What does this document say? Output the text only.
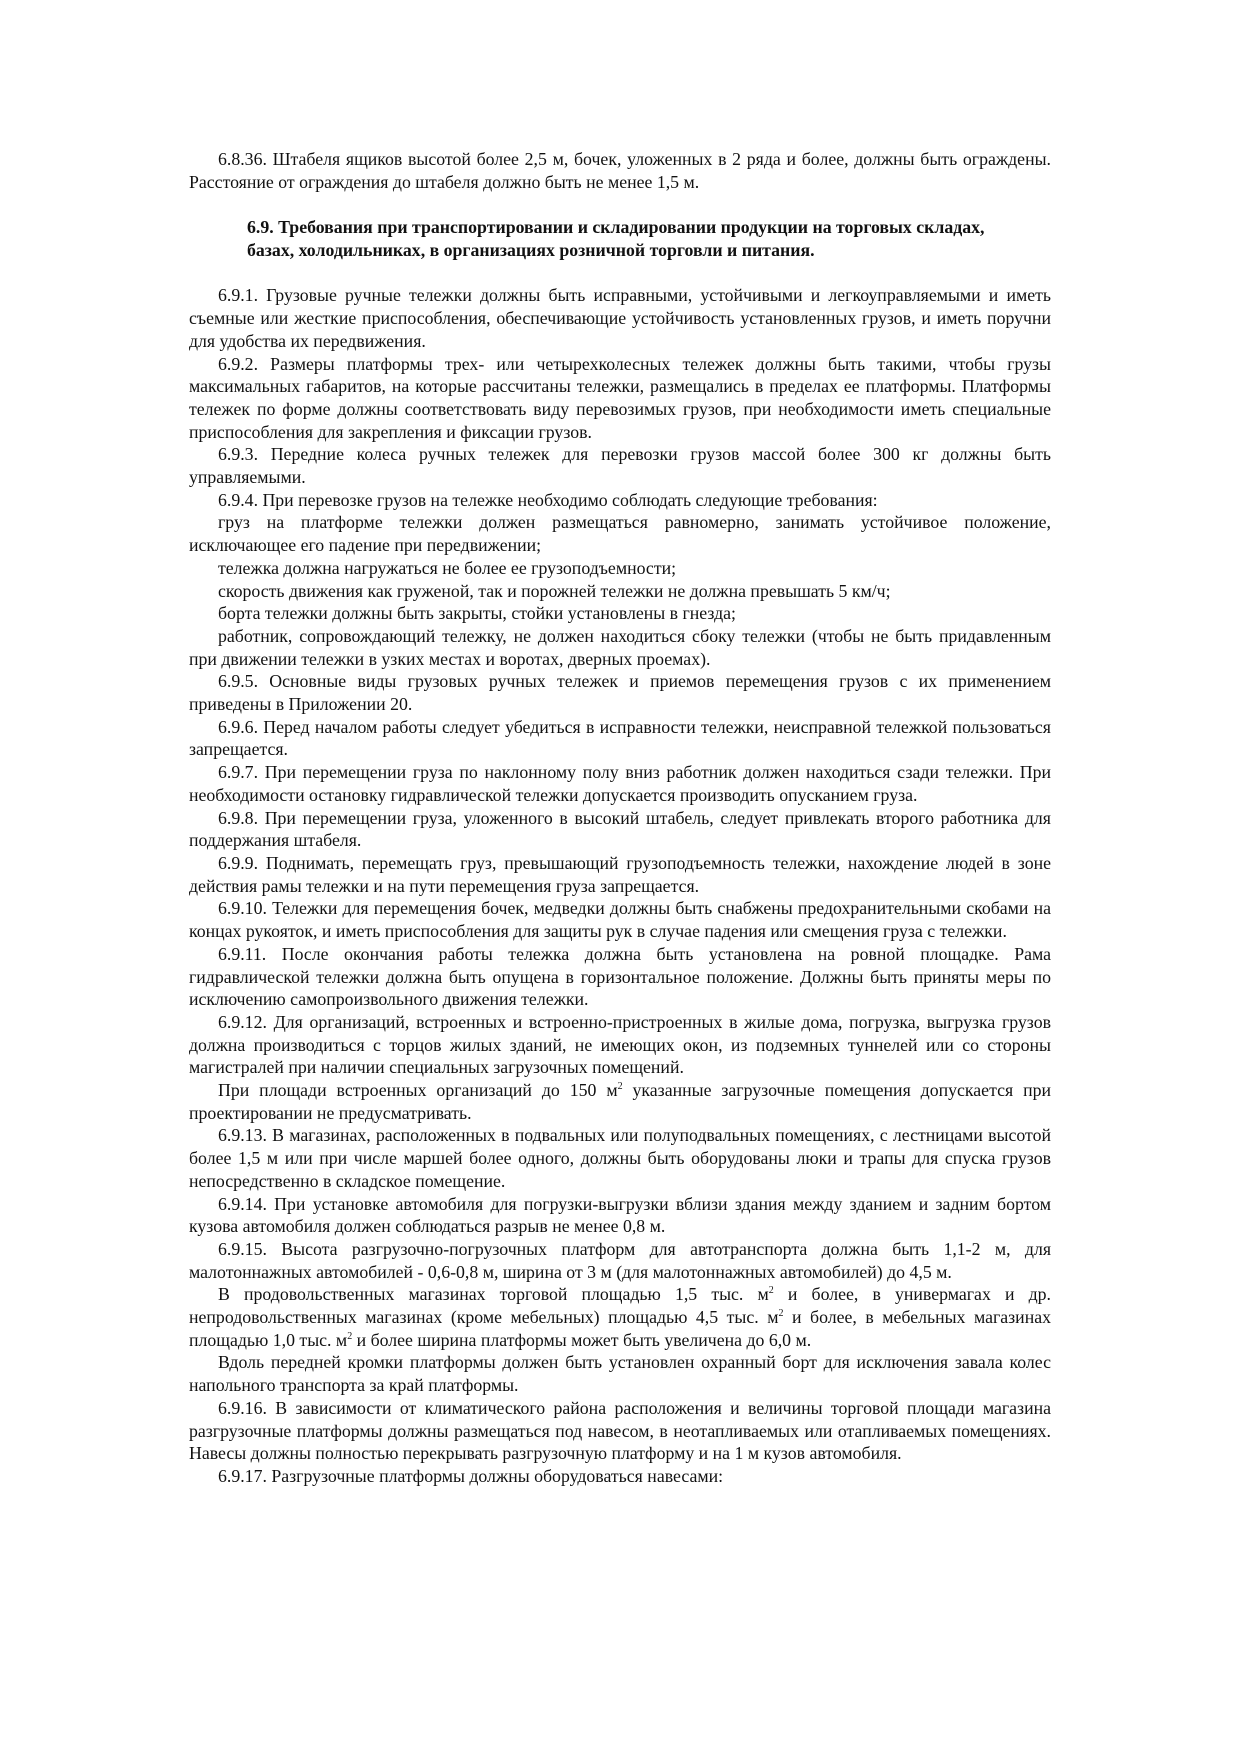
6.8.36. Штабеля ящиков высотой более 2,5 м, бочек, уложенных в 2 ряда и более, должны быть ограждены. Расстояние от ограждения до штабеля должно быть не менее 1,5 м.

6.9. Требования при транспортировании и складировании продукции на торговых складах, базах, холодильниках, в организациях розничной торговли и питания.

6.9.1. Грузовые ручные тележки должны быть исправными, устойчивыми и легкоуправляемыми и иметь съемные или жесткие приспособления, обеспечивающие устойчивость установленных грузов, и иметь поручни для удобства их передвижения.

6.9.2. Размеры платформы трех- или четырехколесных тележек должны быть такими, чтобы грузы максимальных габаритов, на которые рассчитаны тележки, размещались в пределах ее платформы. Платформы тележек по форме должны соответствовать виду перевозимых грузов, при необходимости иметь специальные приспособления для закрепления и фиксации грузов.

6.9.3. Передние колеса ручных тележек для перевозки грузов массой более 300 кг должны быть управляемыми.

6.9.4. При перевозке грузов на тележке необходимо соблюдать следующие требования:

груз на платформе тележки должен размещаться равномерно, занимать устойчивое положение, исключающее его падение при передвижении;

тележка должна нагружаться не более ее грузоподъемности;

скорость движения как груженой, так и порожней тележки не должна превышать 5 км/ч;

борта тележки должны быть закрыты, стойки установлены в гнезда;

работник, сопровождающий тележку, не должен находиться сбоку тележки (чтобы не быть придавленным при движении тележки в узких местах и воротах, дверных проемах).

6.9.5. Основные виды грузовых ручных тележек и приемов перемещения грузов с их применением приведены в Приложении 20.

6.9.6. Перед началом работы следует убедиться в исправности тележки, неисправной тележкой пользоваться запрещается.

6.9.7. При перемещении груза по наклонному полу вниз работник должен находиться сзади тележки. При необходимости остановку гидравлической тележки допускается производить опусканием груза.

6.9.8. При перемещении груза, уложенного в высокий штабель, следует привлекать второго работника для поддержания штабеля.

6.9.9. Поднимать, перемещать груз, превышающий грузоподъемность тележки, нахождение людей в зоне действия рамы тележки и на пути перемещения груза запрещается.

6.9.10. Тележки для перемещения бочек, медведки должны быть снабжены предохранительными скобами на концах рукояток, и иметь приспособления для защиты рук в случае падения или смещения груза с тележки.

6.9.11. После окончания работы тележка должна быть установлена на ровной площадке. Рама гидравлической тележки должна быть опущена в горизонтальное положение. Должны быть приняты меры по исключению самопроизвольного движения тележки.

6.9.12. Для организаций, встроенных и встроенно-пристроенных в жилые дома, погрузка, выгрузка грузов должна производиться с торцов жилых зданий, не имеющих окон, из подземных туннелей или со стороны магистралей при наличии специальных загрузочных помещений.

При площади встроенных организаций до 150 $м^2$ указанные загрузочные помещения допускается при проектировании не предусматривать.

6.9.13. В магазинах, расположенных в подвальных или полуподвальных помещениях, с лестницами высотой более 1,5 м или при числе маршей более одного, должны быть оборудованы люки и трапы для спуска грузов непосредственно в складское помещение.

6.9.14. При установке автомобиля для погрузки-выгрузки вблизи здания между зданием и задним бортом кузова автомобиля должен соблюдаться разрыв не менее 0,8 м.

6.9.15. Высота разгрузочно-погрузочных платформ для автотранспорта должна быть 1,1-2 м, для малотоннажных автомобилей - 0,6-0,8 м, ширина от 3 м (для малотоннажных автомобилей) до 4,5 м.

В продовольственных магазинах торговой площадью 1,5 тыс. $м^2$ и более, в универмагах и др. непродовольственных магазинах (кроме мебельных) площадью 4,5 тыс. $м^2$ и более, в мебельных магазинах площадью 1,0 тыс. $м^2$ и более ширина платформы может быть увеличена до 6,0 м.

Вдоль передней кромки платформы должен быть установлен охранный борт для исключения завала колес напольного транспорта за край платформы.

6.9.16. В зависимости от климатического района расположения и величины торговой площади магазина разгрузочные платформы должны размещаться под навесом, в неотапливаемых или отапливаемых помещениях. Навесы должны полностью перекрывать разгрузочную платформу и на 1 м кузов автомобиля.

6.9.17. Разгрузочные платформы должны оборудоваться навесами:
